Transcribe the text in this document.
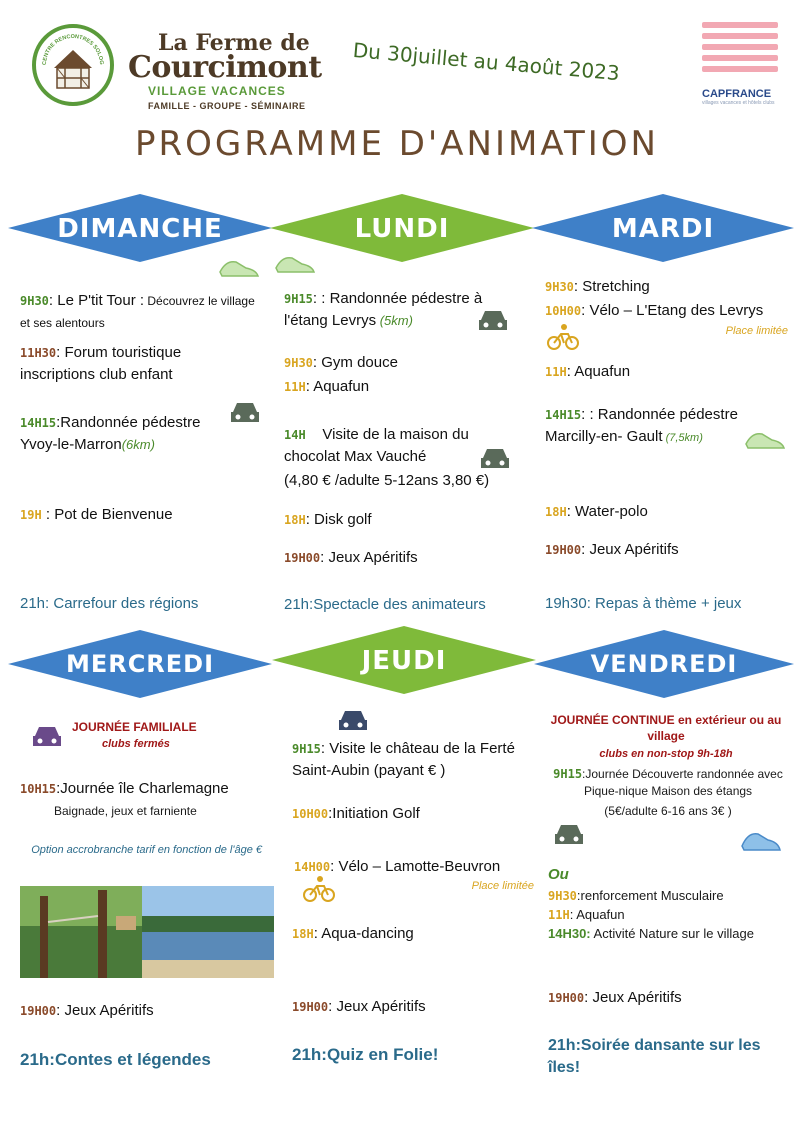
CENTRE RENCONTRES SOLOG
La Ferme de
Courcimont
VILLAGE VACANCES
FAMILLE - GROUPE - SÉMINAIRE
Du 30juillet au 4août 2023
CAPFRANCE
villages vacances et hôtels clubs
PROGRAMME D'ANIMATION
DIMANCHE	LUNDI	MARDI
9H30: Le P'tit Tour : Découvrez le village et ses alentours
11H30: Forum touristique inscriptions club enfant
14H15:Randonnée pédestre Yvoy-le-Marron(6km)
19H : Pot de Bienvenue
21h: Carrefour des régions
9H15: : Randonnée pédestre à l'étang Levrys (5km)
9H30: Gym douce
11H: Aquafun
14H Visite de la maison du chocolat Max Vauché
(4,80 € /adulte 5-12ans 3,80 €)
18H: Disk golf
19H00: Jeux Apéritifs
21h:Spectacle des animateurs
9H30: Stretching
10H00: Vélo – L'Etang des Levrys
Place limitée
11H: Aquafun
14H15: : Randonnée pédestre Marcilly-en- Gault (7,5km)
18H: Water-polo
19H00: Jeux Apéritifs
19h30: Repas à thème + jeux
MERCREDI	JEUDI	VENDREDI
JOURNÉE FAMILIALE
clubs fermés
10H15:Journée île Charlemagne
Baignade, jeux et farniente
Option accrobranche tarif en fonction de l'âge €
19H00: Jeux Apéritifs
21h:Contes et légendes
9H15: Visite le château de la Ferté Saint-Aubin (payant € )
10H00:Initiation Golf
14H00: Vélo – Lamotte-Beuvron
Place limitée
18H: Aqua-dancing
19H00: Jeux Apéritifs
21h:Quiz en Folie!
JOURNÉE CONTINUE en extérieur ou au village
clubs en non-stop 9h-18h
9H15:Journée Découverte randonnée avec Pique-nique Maison des étangs
(5€/adulte 6-16 ans 3€ )
Ou
9H30:renforcement Musculaire
11H: Aquafun
14H30: Activité Nature sur le village
19H00: Jeux Apéritifs
21h:Soirée dansante sur les îles!
